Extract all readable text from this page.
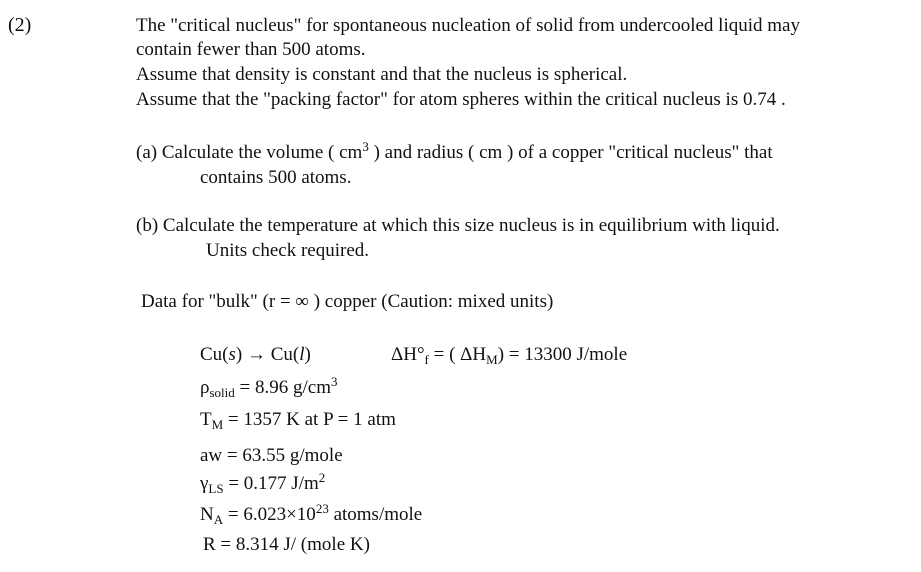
(2)	The "critical nucleus" for spontaneous nucleation of solid from undercooled liquid may
contain fewer than 500 atoms.
Assume that density is constant and that the nucleus is spherical.
Assume that the "packing factor" for atom spheres within the critical nucleus is 0.74 .
(a) Calculate the volume ( $cm^3$ ) and radius ( cm ) of a copper "critical nucleus" that
contains 500 atoms.
(b) Calculate the temperature at which this size nucleus is in equilibrium with liquid.
Units check required.
Data for "bulk" (r = ∞ ) copper (Caution: mixed units)
Cu(s) → Cu(l)	$\Delta H^\circ_f$ = ( $\Delta H_M) = 13300$ J/mole
$\rho_{solid} = 8.96$ $g/cm^3$
$T_M = 1357$ K at P = 1 atm
aw = 63.55 g/mole
$\gamma_{LS} = 0.177$ $J/m^2$
$N_A = 6.023\times 10^{23}$ atoms/mole
R = 8.314 J/ (mole K)
